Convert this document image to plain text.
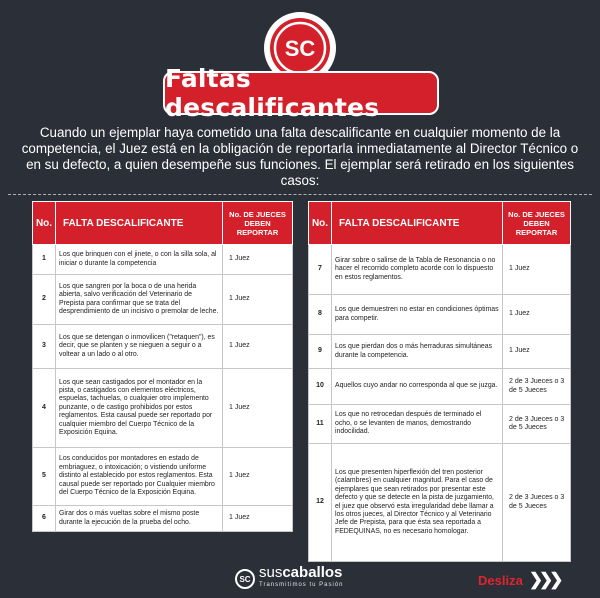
SC
Faltas descalificantes
Cuando un ejemplar haya cometido una falta descalificante en cualquier momento de la competencia, el Juez está en la obligación de reportarla inmediatamente al Director Técnico o en su defecto, a quien desempeñe sus funciones. El ejemplar será retirado en los siguientes casos:
No.	FALTA DESCALIFICANTE	No. DE JUECES DEBEN REPORTAR
1	Los que brinquen con el jinete, o con la silla sola, al iniciar o durante la competencia	1 Juez
2	Los que sangren por la boca o de una herida abierta, salvo verificación del Veterinario de Prepista para confirmar que se trata del desprendimiento de un incisivo o premolar de leche.	1 Juez
3	Los que se detengan o inmovilicen ("retaquen"), es decir, que se planten y se nieguen a seguir o a voltear a un lado o al otro.	1 Juez
4	Los que sean castigados por el montador en la pista, o castigados con elementos eléctricos, espuelas, tachuelas, o cualquier otro implemento punzante, o de castigo prohibidos por estos reglamentos. Esta causal puede ser reportado por cualquier miembro del Cuerpo Técnico de la Exposición Equina.	1 Juez
5	Los conducidos por montadores en estado de embriaguez, o intoxicación; o vistiendo uniforme distinto al establecido por estos reglamentos. Esta causal puede ser reportado por Cualquier miembro del Cuerpo Técnico de la Exposición Equina.	1 Juez
6	Girar dos o más vueltas sobre el mismo poste durante la ejecución de la prueba del ocho.	1 Juez
No.	FALTA DESCALIFICANTE	No. DE JUECES DEBEN REPORTAR
7	Girar sobre o salirse de la Tabla de Resonancia o no hacer el recorrido completo acorde con lo dispuesto en estos reglamentos.	1 Juez
8	Los que demuestren no estar en condiciones óptimas para competir.	1 Juez
9	Los que pierdan dos o más herraduras simultáneas durante la competencia.	1 Juez
10	Aquellos cuyo andar no corresponda al que se juzga.	2 de 3 Jueces o 3 de 5 Jueces
11	Los que no retrocedan después de terminado el ocho, o se levanten de manos, demostrando indocilidad.	2 de 3 Jueces o 3 de 5 Jueces
12	Los que presenten hiperflexión del tren posterior (calambres) en cualquier magnitud. Para el caso de ejemplares que sean retirados por presentar este defecto y que se detecte en la pista de juzgamiento, el juez que observó esta irregularidad debe llamar a los otros jueces, al Director Técnico y al Veterinario Jefe de Prepista, para que ésta sea reportada a FEDEQUINAS, no es necesario homologar.	2 de 3 Jueces o 3 de 5 Jueces
SC suscaballos
Transmitimos tu Pasión	Desliza ❯❯❯
